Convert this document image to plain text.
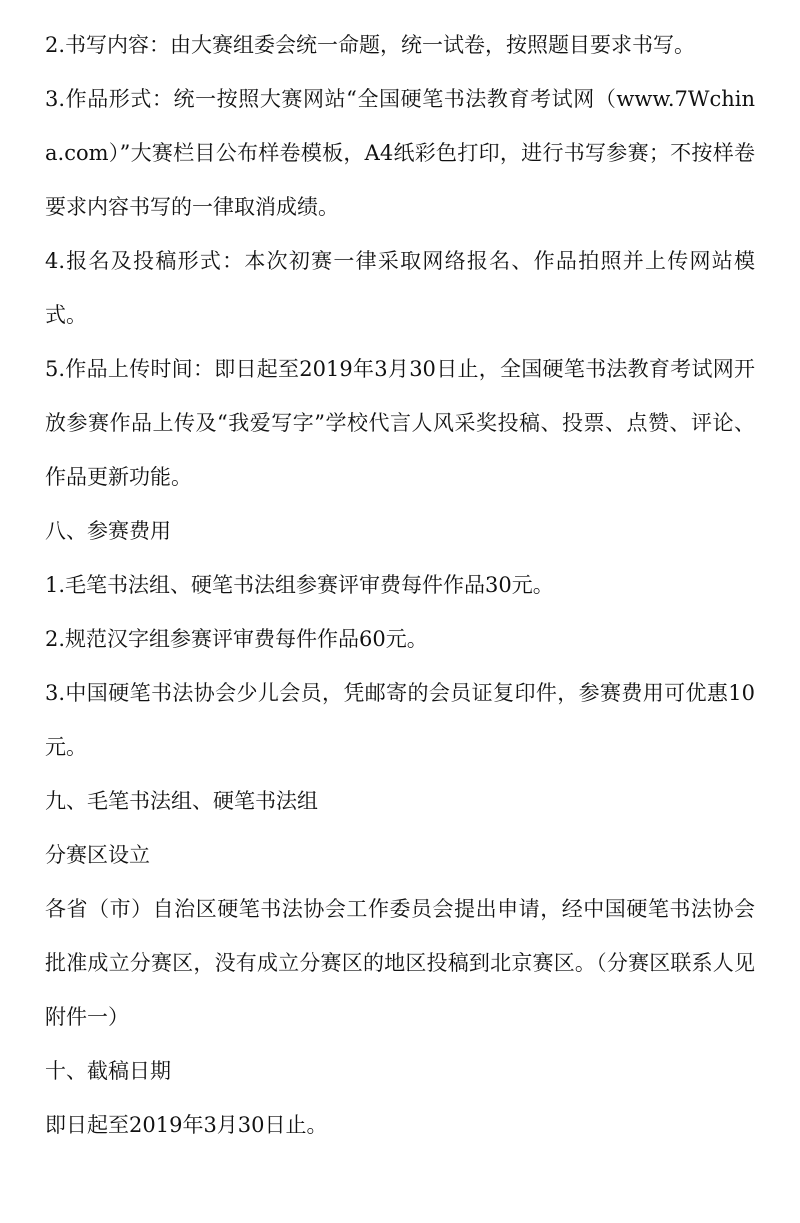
2.书写内容：由大赛组委会统一命题，统一试卷，按照题目要求书写。

3.作品形式：统一按照大赛网站“全国硬笔书法教育考试网（www.7Wchina.com）”大赛栏目公布样卷模板，A4纸彩色打印，进行书写参赛；不按样卷要求内容书写的一律取消成绩。

4.报名及投稿形式：本次初赛一律采取网络报名、作品拍照并上传网站模式。

5.作品上传时间：即日起至2019年3月30日止，全国硬笔书法教育考试网开放参赛作品上传及“我爱写字”学校代言人风采奖投稿、投票、点赞、评论、作品更新功能。

八、参赛费用

1.毛笔书法组、硬笔书法组参赛评审费每件作品30元。

2.规范汉字组参赛评审费每件作品60元。

3.中国硬笔书法协会少儿会员，凭邮寄的会员证复印件，参赛费用可优惠10元。

九、毛笔书法组、硬笔书法组

分赛区设立

各省（市）自治区硬笔书法协会工作委员会提出申请，经中国硬笔书法协会批准成立分赛区，没有成立分赛区的地区投稿到北京赛区。（分赛区联系人见附件一）

十、截稿日期

即日起至2019年3月30日止。
